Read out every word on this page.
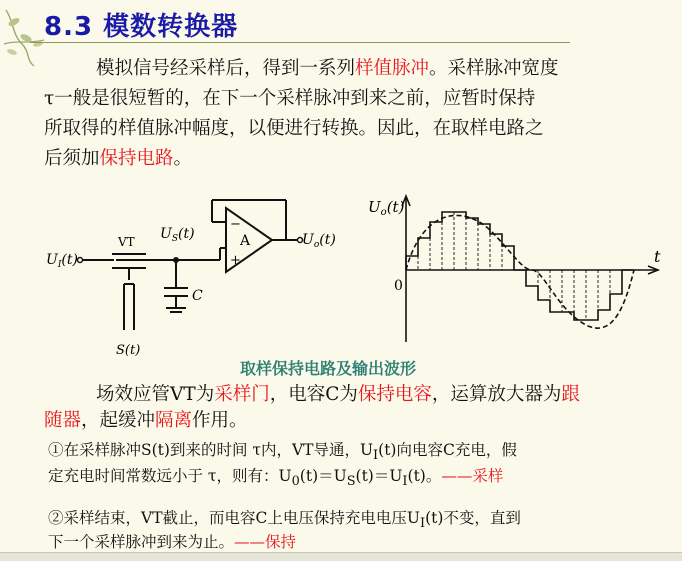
8.3 模数转换器
模拟信号经采样后，得到一系列样值脉冲。采样脉冲宽度
τ一般是很短暂的，在下一个采样脉冲到来之前，应暂时保持
所取得的样值脉冲幅度，以便进行转换。因此，在取样电路之
后须加保持电路。
$U_I(t)$
VT $U_S(t)$	A
−
+
$U_o(t)$
C
S(t)
$U_o(t)$
t
0
取样保持电路及输出波形
场效应管VT为采样门，电容C为保持电容，运算放大器为跟
随器，起缓冲隔离作用。
①在采样脉冲S(t)到来的时间 τ内，VT导通，$U_I(t)$向电容C充电，假
定充电时间常数远小于 τ，则有：$U_0(t)=U_S(t)=U_I(t)$。——采样
②采样结束，VT截止，而电容C上电压保持充电电压$U_I(t)$不变，直到
下一个采样脉冲到来为止。——保持
